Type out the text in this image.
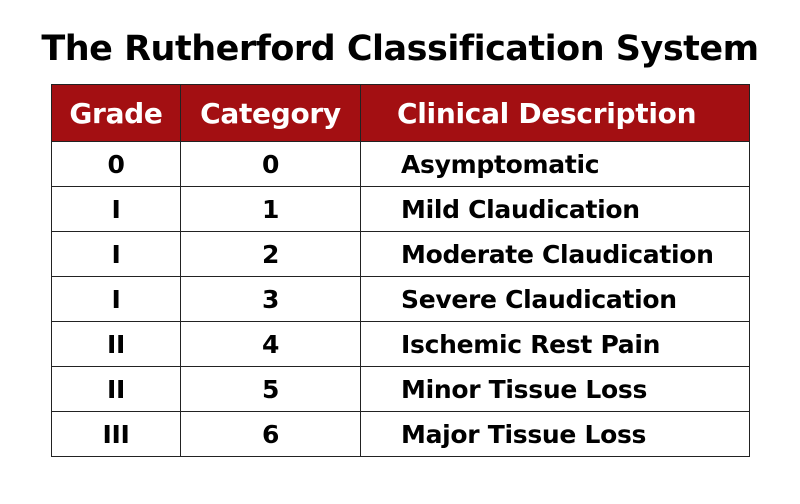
The Rutherford Classification System
Grade	Category	Clinical Description
0	0	Asymptomatic
I	1	Mild Claudication
I	2	Moderate Claudication
I	3	Severe Claudication
II	4	Ischemic Rest Pain
II	5	Minor Tissue Loss
III	6	Major Tissue Loss
